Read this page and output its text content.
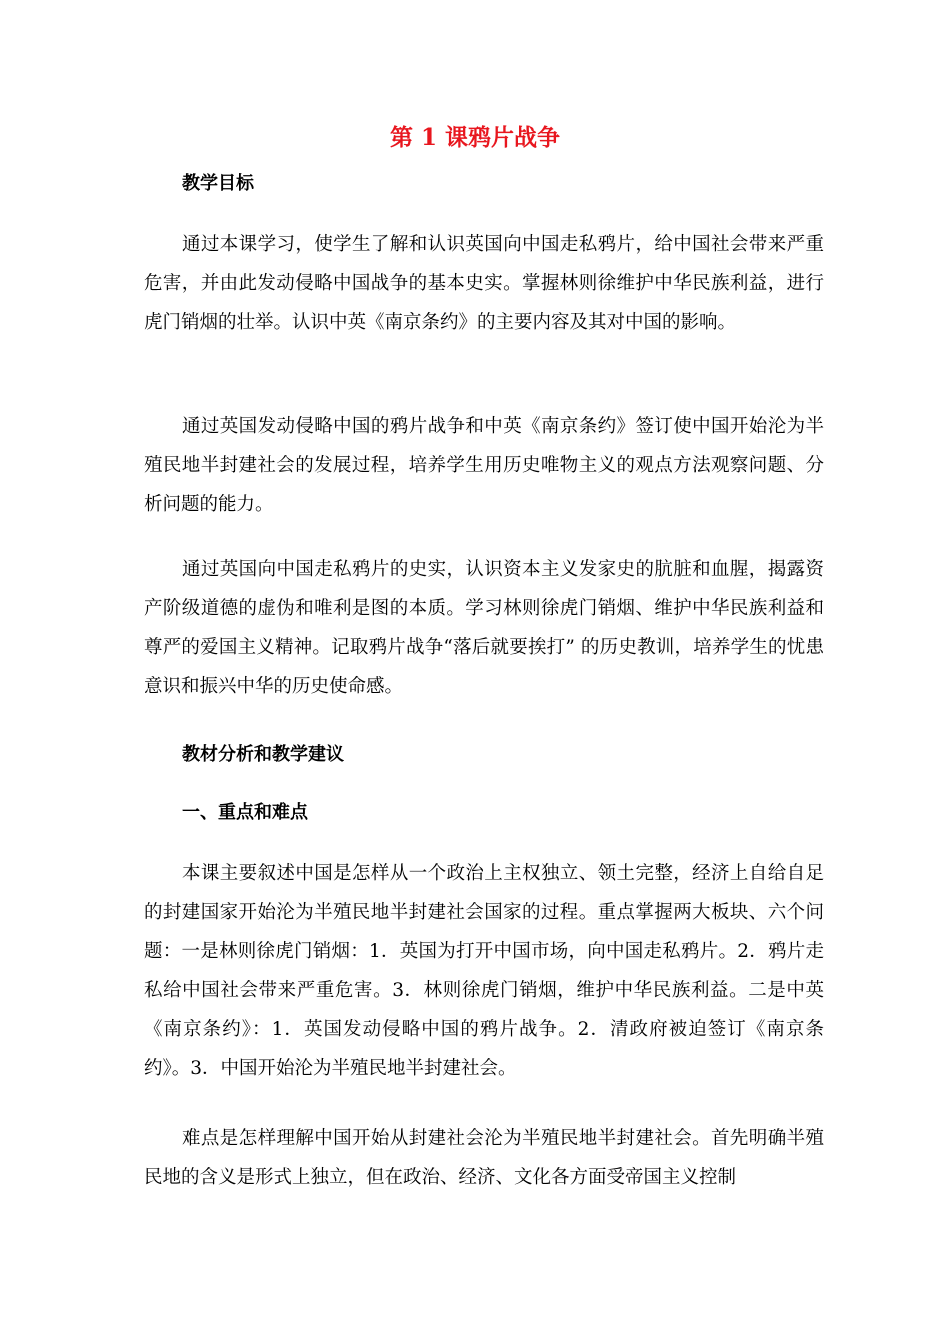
第 1 课鸦片战争
教学目标

通过本课学习，使学生了解和认识英国向中国走私鸦片，给中国社会带来严重危害，并由此发动侵略中国战争的基本史实。掌握林则徐维护中华民族利益，进行虎门销烟的壮举。认识中英《南京条约》的主要内容及其对中国的影响。

通过英国发动侵略中国的鸦片战争和中英《南京条约》签订使中国开始沦为半殖民地半封建社会的发展过程，培养学生用历史唯物主义的观点方法观察问题、分析问题的能力。

通过英国向中国走私鸦片的史实，认识资本主义发家史的肮脏和血腥，揭露资产阶级道德的虚伪和唯利是图的本质。学习林则徐虎门销烟、维护中华民族利益和尊严的爱国主义精神。记取鸦片战争“落后就要挨打” 的历史教训，培养学生的忧患意识和振兴中华的历史使命感。

教材分析和教学建议
一、重点和难点

本课主要叙述中国是怎样从一个政治上主权独立、领土完整，经济上自给自足的封建国家开始沦为半殖民地半封建社会国家的过程。重点掌握两大板块、六个问题：一是林则徐虎门销烟：1．英国为打开中国市场，向中国走私鸦片。2．鸦片走私给中国社会带来严重危害。3．林则徐虎门销烟，维护中华民族利益。二是中英《南京条约》：1．英国发动侵略中国的鸦片战争。2．清政府被迫签订《南京条约》。3．中国开始沦为半殖民地半封建社会。

难点是怎样理解中国开始从封建社会沦为半殖民地半封建社会。首先明确半殖民地的含义是形式上独立，但在政治、经济、文化各方面受帝国主义控制
